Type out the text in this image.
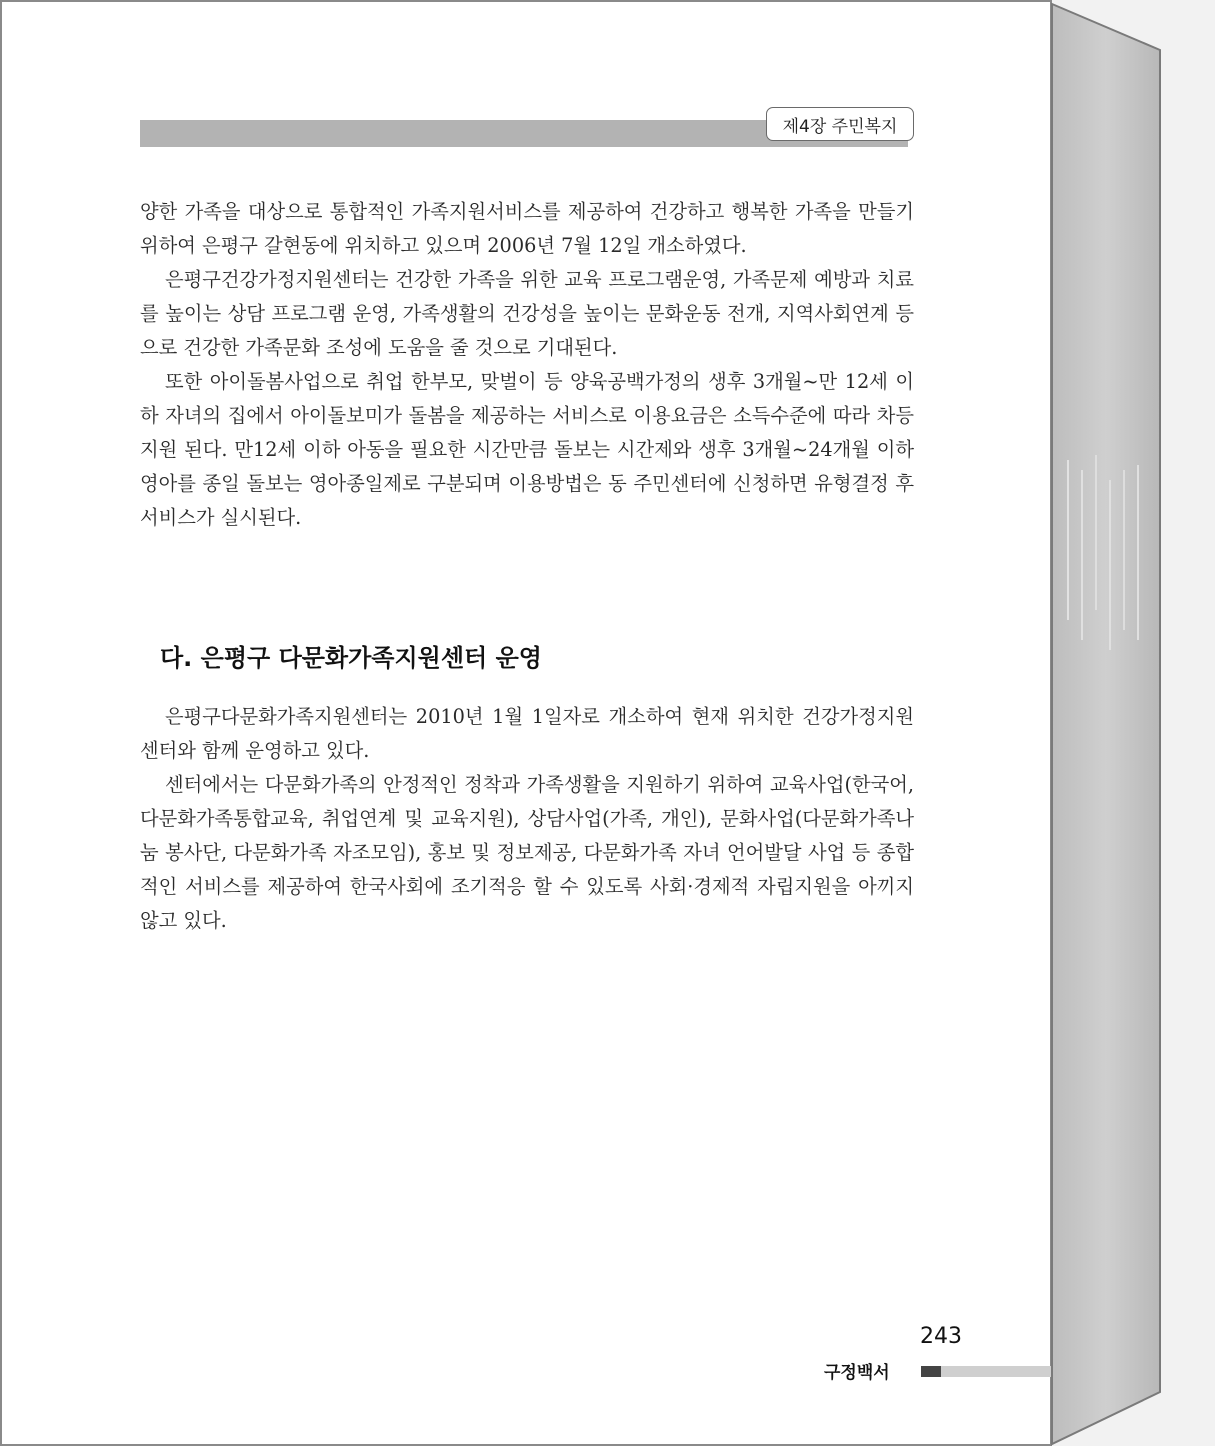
제4장 주민복지

양한 가족을 대상으로 통합적인 가족지원서비스를 제공하여 건강하고 행복한 가족을 만들기 위하여 은평구 갈현동에 위치하고 있으며 2006년 7월 12일 개소하였다.

은평구건강가정지원센터는 건강한 가족을 위한 교육 프로그램운영, 가족문제 예방과 치료를 높이는 상담 프로그램 운영, 가족생활의 건강성을 높이는 문화운동 전개, 지역사회연계 등으로 건강한 가족문화 조성에 도움을 줄 것으로 기대된다.

또한 아이돌봄사업으로 취업 한부모, 맞벌이 등 양육공백가정의 생후 3개월~만 12세 이하 자녀의 집에서 아이돌보미가 돌봄을 제공하는 서비스로 이용요금은 소득수준에 따라 차등지원 된다. 만12세 이하 아동을 필요한 시간만큼 돌보는 시간제와 생후 3개월~24개월 이하 영아를 종일 돌보는 영아종일제로 구분되며 이용방법은 동 주민센터에 신청하면 유형결정 후 서비스가 실시된다.

다. 은평구 다문화가족지원센터 운영

은평구다문화가족지원센터는 2010년 1월 1일자로 개소하여 현재 위치한 건강가정지원센터와 함께 운영하고 있다.

센터에서는 다문화가족의 안정적인 정착과 가족생활을 지원하기 위하여 교육사업(한국어, 다문화가족통합교육, 취업연계 및 교육지원), 상담사업(가족, 개인), 문화사업(다문화가족나눔 봉사단, 다문화가족 자조모임), 홍보 및 정보제공, 다문화가족 자녀 언어발달 사업 등 종합적인 서비스를 제공하여 한국사회에 조기적응 할 수 있도록 사회·경제적 자립지원을 아끼지 않고 있다.

243
구정백서
